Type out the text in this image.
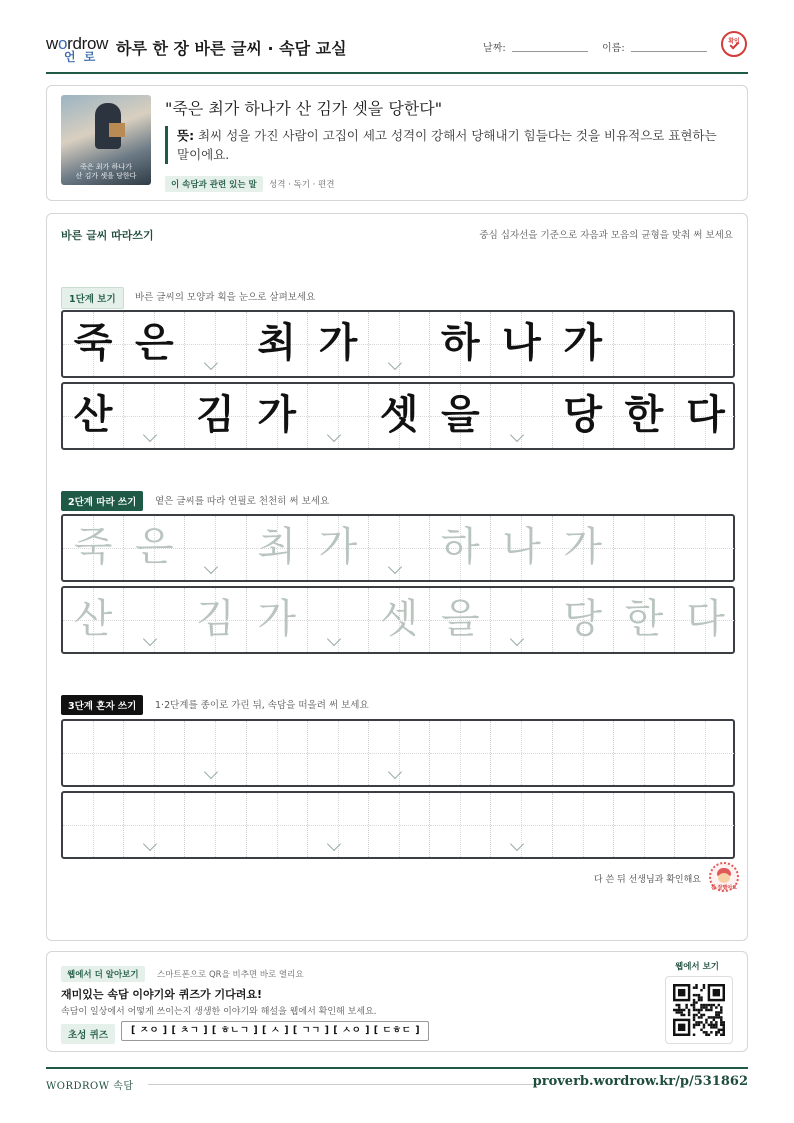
wordrow
언 로 하루 한 장 바른 글씨 · 속담 교실	날짜:	이름:
확인
죽은 최가 하나가
산 김가 셋을 당한다
"죽은 최가 하나가 산 김가 셋을 당한다"
뜻: 최씨 성을 가진 사람이 고집이 세고 성격이 강해서 당해내기 힘들다는 것을 비유적으로 표현하는 말이에요.
이 속담과 관련 있는 말	성격 · 독기 · 편견
바른 글씨 따라쓰기	중심 십자선을 기준으로 자음과 모음의 균형을 맞춰 써 보세요
1단계 보기	바른 글씨의 모양과 획을 눈으로 살펴보세요
죽 은 최 가 하 나 가
산 김 가 셋 을 당 한 다
2단계 따라 쓰기	옅은 글씨를 따라 연필로 천천히 써 보세요
죽 은 최 가 하 나 가
산 김 가 셋 을 당 한 다
3단계 혼자 쓰기	1·2단계를 종이로 가린 뒤, 속담을 떠올려 써 보세요
다 쓴 뒤 선생님과 확인해요
참 잘했어요
웹에서 더 알아보기	스마트폰으로 QR을 비추면 바로 열리요
재미있는 속담 이야기와 퀴즈가 기다려요!
속담이 일상에서 어떻게 쓰이는지 생생한 이야기와 해설을 웹에서 확인해 보세요.
초성 퀴즈	[ ㅈㅇ ] [ ㅊㄱ ] [ ㅎㄴㄱ ] [ ㅅ ] [ ㄱㄱ ] [ ㅅㅇ ] [ ㄷㅎㄷ ]
웹에서 보기
WORDROW 속담	proverb.wordrow.kr/p/531862
